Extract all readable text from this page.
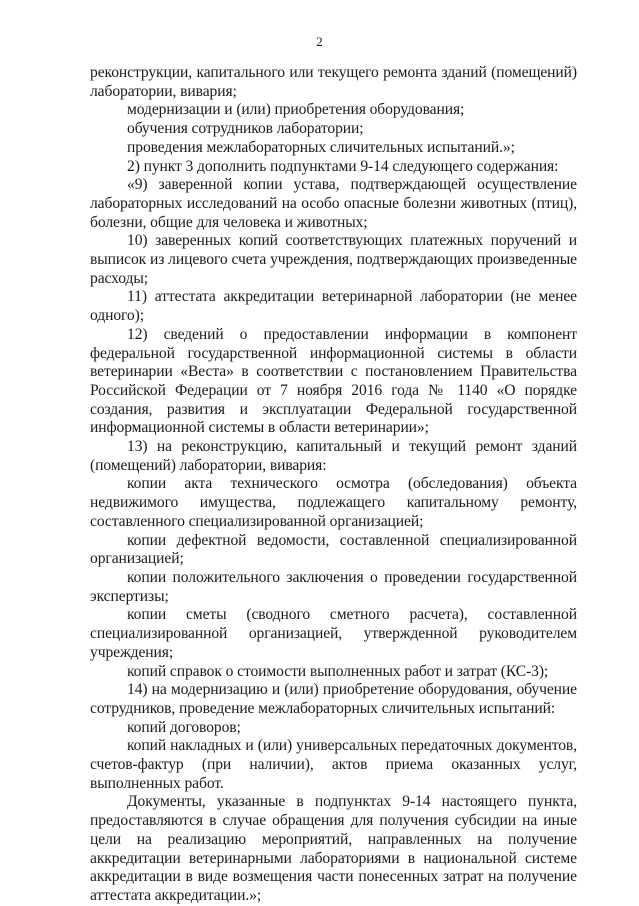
2

реконструкции, капитального или текущего ремонта зданий (помещений) лаборатории, вивария;

модернизации и (или) приобретения оборудования;

обучения сотрудников лаборатории;

проведения межлабораторных сличительных испытаний.»;

2) пункт 3 дополнить подпунктами 9-14 следующего содержания:

«9) заверенной копии устава, подтверждающей осуществление лабораторных исследований на особо опасные болезни животных (птиц), болезни, общие для человека и животных;

10) заверенных копий соответствующих платежных поручений и выписок из лицевого счета учреждения, подтверждающих произведенные расходы;

11) аттестата аккредитации ветеринарной лаборатории (не менее одного);

12) сведений о предоставлении информации в компонент федеральной государственной информационной системы в области ветеринарии «Веста» в соответствии с постановлением Правительства Российской Федерации от 7 ноября 2016 года № 1140 «О порядке создания, развития и эксплуатации Федеральной государственной информационной системы в области ветеринарии»;

13) на реконструкцию, капитальный и текущий ремонт зданий (помещений) лаборатории, вивария:

копии акта технического осмотра (обследования) объекта недвижимого имущества, подлежащего капитальному ремонту, составленного специализированной организацией;

копии дефектной ведомости, составленной специализированной организацией;

копии положительного заключения о проведении государственной экспертизы;

копии сметы (сводного сметного расчета), составленной специализированной организацией, утвержденной руководителем учреждения;

копий справок о стоимости выполненных работ и затрат (КС-3);

14) на модернизацию и (или) приобретение оборудования, обучение сотрудников, проведение межлабораторных сличительных испытаний:

копий договоров;

копий накладных и (или) универсальных передаточных документов, счетов-фактур (при наличии), актов приема оказанных услуг, выполненных работ.

Документы, указанные в подпунктах 9-14 настоящего пункта, предоставляются в случае обращения для получения субсидии на иные цели на реализацию мероприятий, направленных на получение аккредитации ветеринарными лабораториями в национальной системе аккредитации в виде возмещения части понесенных затрат на получение аттестата аккредитации.»;
